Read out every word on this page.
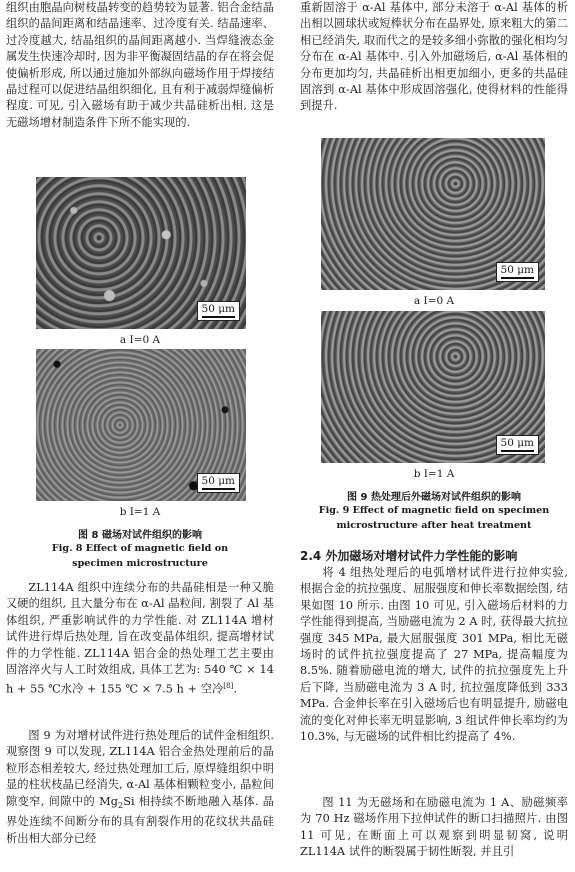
组织由胞晶向树枝晶转变的趋势较为显著. 铝合金结晶组织的晶间距离和结晶速率、过冷度有关. 结晶速率、过冷度越大, 结晶组织的晶间距离越小. 当焊缝液态金属发生快速冷却时, 因为非平衡凝固结晶的存在将会促使偏析形成, 所以通过施加外部纵向磁场作用于焊接结晶过程可以促进结晶组织细化, 且有利于减弱焊缝偏析程度. 可见, 引入磁场有助于减少共晶硅析出相, 这是无磁场增材制造条件下所不能实现的.

50 μm
a I=0 A
50 μm
b I=1 A
图 8 磁场对试件组织的影响
Fig. 8 Effect of magnetic field on
specimen microstructure

ZL114A 组织中连续分布的共晶硅相是一种又脆又硬的组织, 且大量分布在 α-Al 晶粒间, 割裂了 Al 基体组织, 严重影响试件的力学性能. 对 ZL114A 增材试件进行焊后热处理, 旨在改变晶体组织, 提高增材试件的力学性能. ZL114A 铝合金的热处理工艺主要由固溶淬火与人工时效组成, 具体工艺为: 540 ℃ × 14 h + 55 ℃水冷 + 155 ℃ × 7.5 h + 空冷[8].

图 9 为对增材试件进行热处理后的试件金相组织. 观察图 9 可以发现, ZL114A 铝合金热处理前后的晶粒形态相差较大, 经过热处理加工后, 原焊缝组织中明显的柱状枝晶已经消失, α-Al 基体相颗粒变小, 晶粒间隙变窄, 间隙中的 $Mg_2Si$ 相持续不断地融入基体. 晶界处连续不间断分布的具有割裂作用的花纹状共晶硅析出相大部分已经

重新固溶于 α-Al 基体中, 部分未溶于 α-Al 基体的析出相以圆球状或短棒状分布在晶界处, 原来粗大的第二相已经消失, 取而代之的是较多细小弥散的强化相均匀分布在 α-Al 基体中. 引入外加磁场后, α-Al 基体相的分布更加均匀, 共晶硅析出相更加细小, 更多的共晶硅固溶到 α-Al 基体中形成固溶强化, 使得材料的性能得到提升.

50 μm
a I=0 A
50 μm
b I=1 A
图 9 热处理后外磁场对试件组织的影响
Fig. 9 Effect of magnetic field on specimen
microstructure after heat treatment
2.4 外加磁场对增材试件力学性能的影响

将 4 组热处理后的电弧增材试件进行拉伸实验, 根据合金的抗拉强度、屈服强度和伸长率数据绘图, 结果如图 10 所示. 由图 10 可见, 引入磁场后材料的力学性能得到提高, 当励磁电流为 2 A 时, 获得最大抗拉强度 345 MPa, 最大屈服强度 301 MPa, 相比无磁场时的试件抗拉强度提高了 27 MPa, 提高幅度为 8.5%. 随着励磁电流的增大, 试件的抗拉强度先上升后下降, 当励磁电流为 3 A 时, 抗拉强度降低到 333 MPa. 合金伸长率在引入磁场后也有明显提升, 励磁电流的变化对伸长率无明显影响, 3 组试件伸长率均约为 10.3%, 与无磁场的试件相比约提高了 4%.

图 11 为无磁场和在励磁电流为 1 A、励磁频率为 70 Hz 磁场作用下拉伸试件的断口扫描照片. 由图 11 可见, 在断面上可以观察到明显韧窝, 说明 ZL114A 试件的断裂属于韧性断裂, 并且引
